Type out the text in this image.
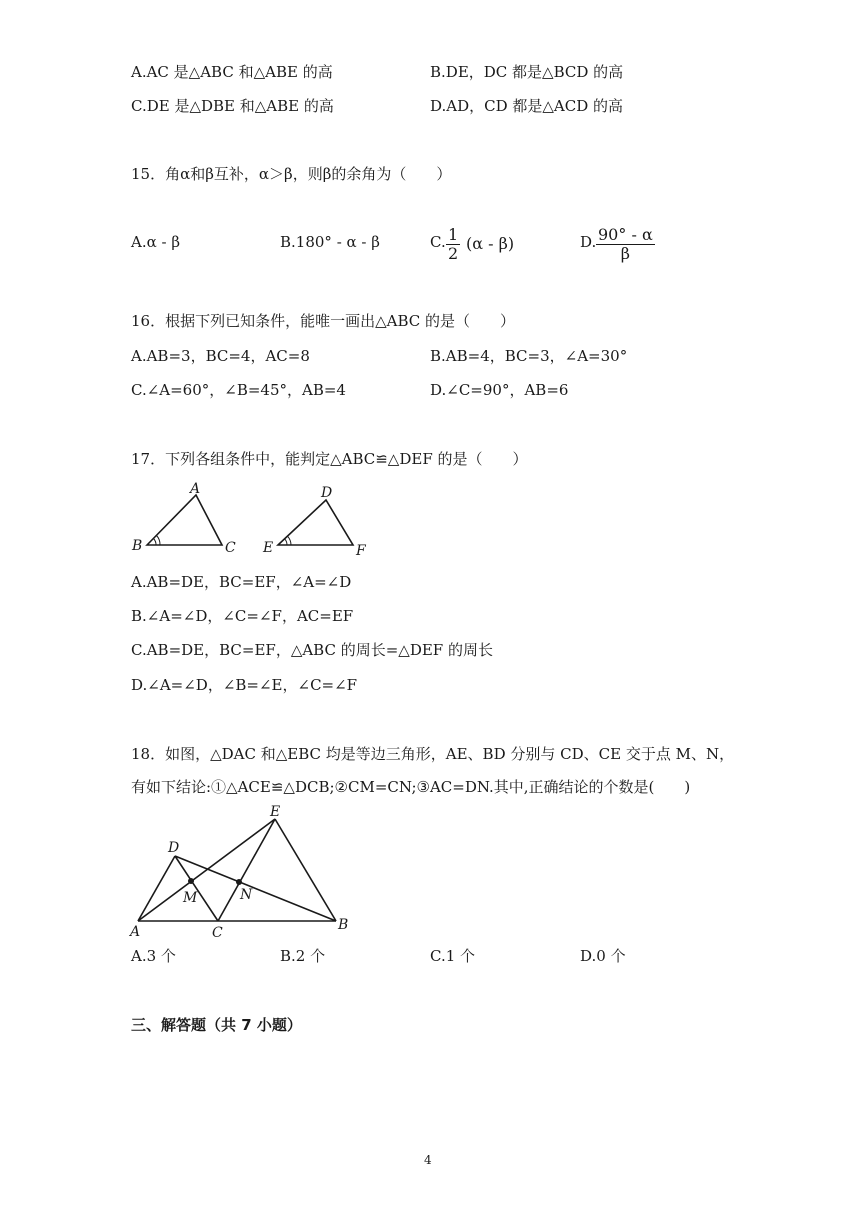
A.AC 是△ABC 和△ABE 的高	B.DE，DC 都是△BCD 的高
C.DE 是△DBE 和△ABE 的高	D.AD，CD 都是△ACD 的高
15．角α和β互补，α＞β，则β的余角为（　　）
A.α - β	B.180° - α - β	C. 1
2
(α - β)	D. 90° - α
β
16．根据下列已知条件，能唯一画出△ABC 的是（　　）
A.AB=3，BC=4，AC=8	B.AB=4，BC=3，∠A=30°
C.∠A=60°，∠B=45°，AB=4	D.∠C=90°，AB=6
17．下列各组条件中，能判定△ABC≌△DEF 的是（　　）
A
B	C
D
E	F
A.AB=DE，BC=EF，∠A=∠D
B.∠A=∠D，∠C=∠F，AC=EF
C.AB=DE，BC=EF，△ABC 的周长=△DEF 的周长
D.∠A=∠D，∠B=∠E，∠C=∠F
18．如图，△DAC 和△EBC 均是等边三角形，AE、BD 分别与 CD、CE 交于点 M、N，
有如下结论:①△ACE≌△DCB;②CM=CN;③AC=DN.其中,正确结论的个数是(　　)
E
D
M	N
A	C	B
A.3 个	B.2 个	C.1 个	D.0 个
三、解答题（共 7 小题）
4
